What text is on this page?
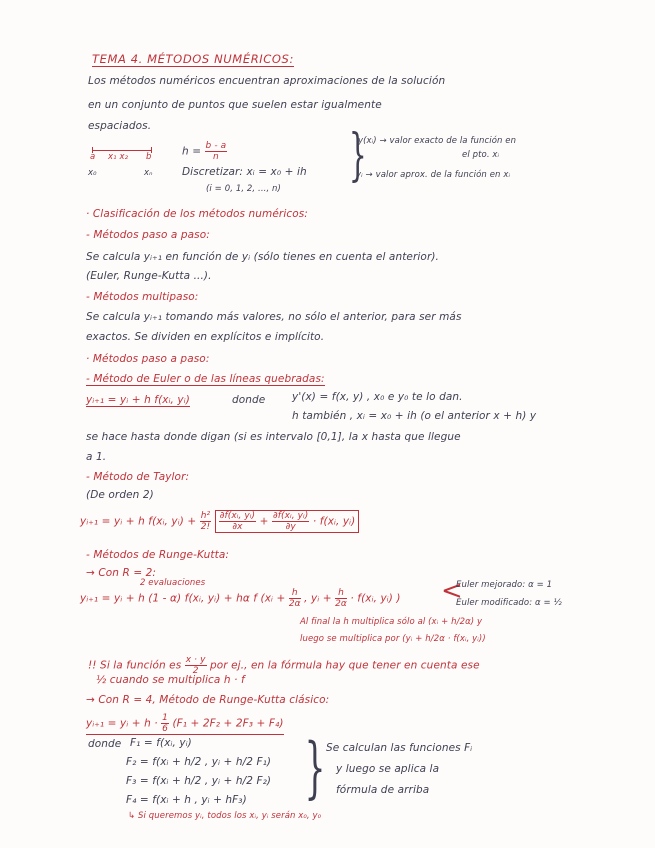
TEMA 4. MÉTODOS NUMÉRICOS:
Los métodos numéricos encuentran aproximaciones de la solución
en un conjunto de puntos que suelen estar igualmente
espaciados.
a x₁ x₂ b
x₀	xₙ
$h = \frac{b - a}{n}$
Discretizar: xᵢ = x₀ + ih
(i = 0, 1, 2, ..., n)
}
y(xᵢ) → valor exacto de la función en
el pto. xᵢ
yᵢ → valor aprox. de la función en xᵢ
· Clasificación de los métodos numéricos:
- Métodos paso a paso:
Se calcula yᵢ₊₁ en función de yᵢ (sólo tienes en cuenta el anterior).
(Euler, Runge-Kutta ...).
- Métodos multipaso:
Se calcula yᵢ₊₁ tomando más valores, no sólo el anterior, para ser más
exactos. Se dividen en explícitos e implícito.
· Métodos paso a paso:
- Método de Euler o de las líneas quebradas:
yᵢ₊₁ = yᵢ + h f(xᵢ, yᵢ)	donde	y'(x) = f(x, y) , x₀ e y₀ te lo dan.
h también , xᵢ = x₀ + ih (o el anterior x + h) y
se hace hasta donde digan (si es intervalo [0,1], la x hasta que llegue
a 1.
- Método de Taylor:
(De orden 2)
yᵢ₊₁ = yᵢ + h f(xᵢ, yᵢ) + $\frac{\text{h²}}{2!}$
$\frac{\text{∂f(xᵢ, yᵢ)}}{\partial x} + \frac{\text{∂f(xᵢ, yᵢ)}}{\partial y}$ · f(xᵢ, yᵢ)
- Métodos de Runge-Kutta:
→ Con R = 2:
2 evaluaciones
yᵢ₊₁ = yᵢ + h (1 - α) f(xᵢ, yᵢ) + hα f (xᵢ + $\frac{h}{2\alpha}$ , yᵢ + $\frac{h}{2\alpha}$ · f(xᵢ, yᵢ) ) <
Euler mejorado: α = 1
Euler modificado: α = ½
Al final la h multiplica sólo al (xᵢ + h/2α) y
luego se multiplica por (yᵢ + h/2α · f(xᵢ, yᵢ))
!! Si la función es $\frac{x \cdot y}{2}$ por ej., en la fórmula hay que tener en cuenta ese
½ cuando se multiplica h · f
→ Con R = 4, Método de Runge-Kutta clásico:
yᵢ₊₁ = yᵢ + $h \cdot \frac{1}{6} (F_1 + 2F_2 + 2F_3 + F_4)$
donde F₁ = f(xᵢ, yᵢ)
F₂ = f(xᵢ + h/2 , yᵢ + h/2 F₁)
F₃ = f(xᵢ + h/2 , yᵢ + h/2 F₂)
F₄ = f(xᵢ + h , yᵢ + hF₃) } Se calculan las funciones Fᵢ
y luego se aplica la
fórmula de arriba
↳ Si queremos yᵢ, todos los xᵢ, yᵢ serán x₀, y₀
